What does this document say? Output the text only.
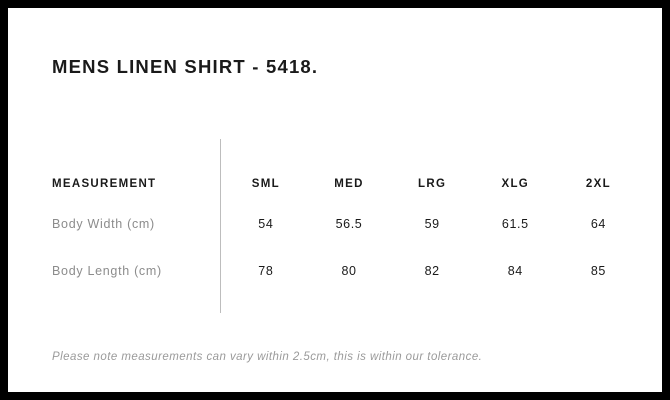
MENS LINEN SHIRT - 5418.
MEASUREMENT	SML	MED	LRG	XLG	2XL
Body Width (cm)	54	56.5	59	61.5	64
Body Length (cm)	78	80	82	84	85
Please note measurements can vary within 2.5cm, this is within our tolerance.
